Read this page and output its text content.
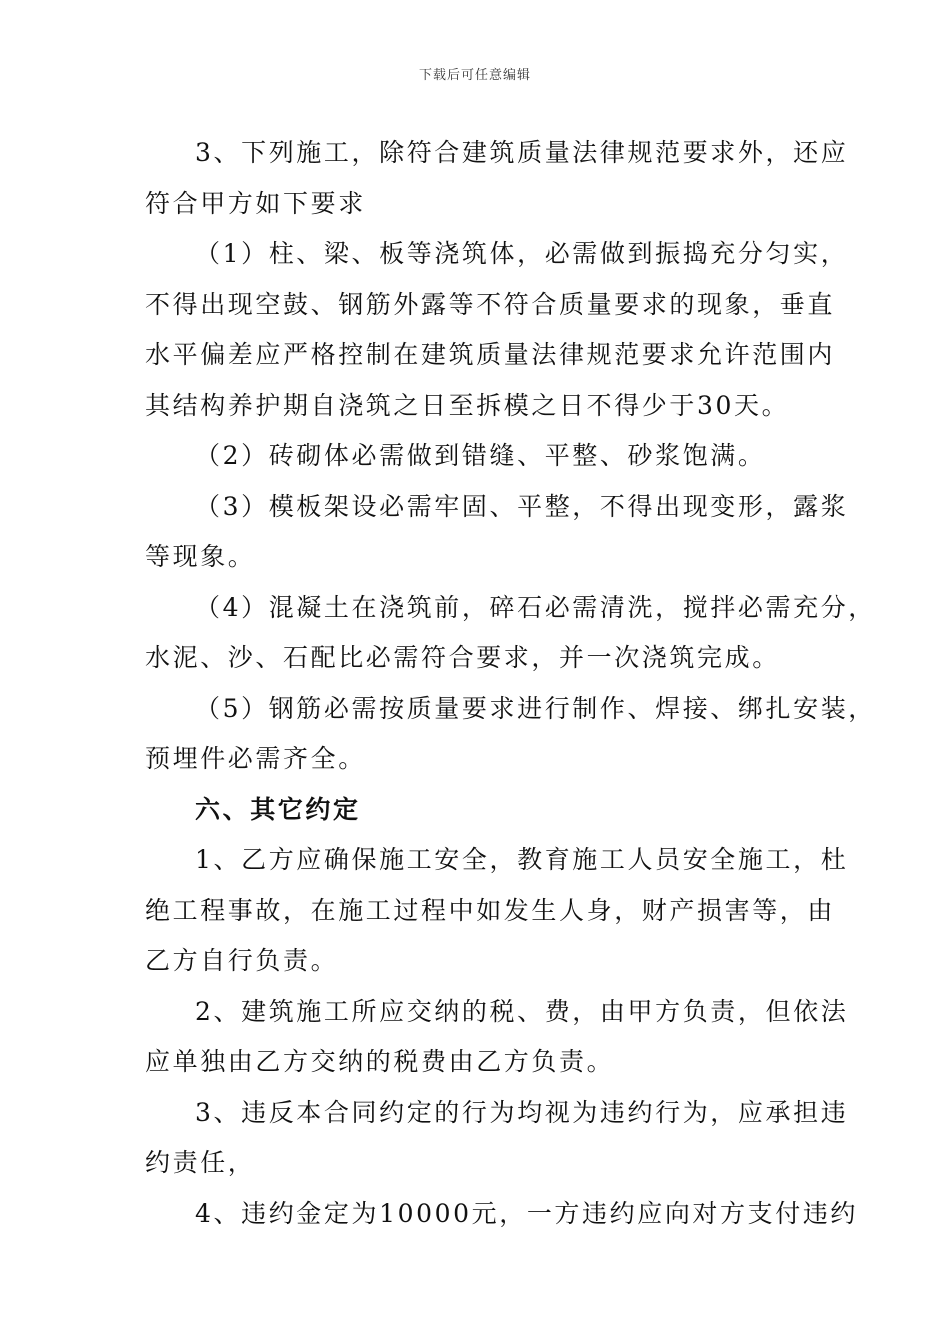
下载后可任意编辑
3、下列施工，除符合建筑质量法律规范要求外，还应
符合甲方如下要求
（1）柱、梁、板等浇筑体，必需做到振捣充分匀实，
不得出现空鼓、钢筋外露等不符合质量要求的现象，垂直
水平偏差应严格控制在建筑质量法律规范要求允许范围内
其结构养护期自浇筑之日至拆模之日不得少于30天。
（2）砖砌体必需做到错缝、平整、砂浆饱满。
（3）模板架设必需牢固、平整，不得出现变形，露浆
等现象。
（4）混凝土在浇筑前，碎石必需清洗，搅拌必需充分，
水泥、沙、石配比必需符合要求，并一次浇筑完成。
（5）钢筋必需按质量要求进行制作、焊接、绑扎安装，
预埋件必需齐全。
六、其它约定
1、乙方应确保施工安全，教育施工人员安全施工，杜
绝工程事故，在施工过程中如发生人身，财产损害等，由
乙方自行负责。
2、建筑施工所应交纳的税、费，由甲方负责，但依法
应单独由乙方交纳的税费由乙方负责。
3、违反本合同约定的行为均视为违约行为，应承担违
约责任，
4、违约金定为10000元，一方违约应向对方支付违约
